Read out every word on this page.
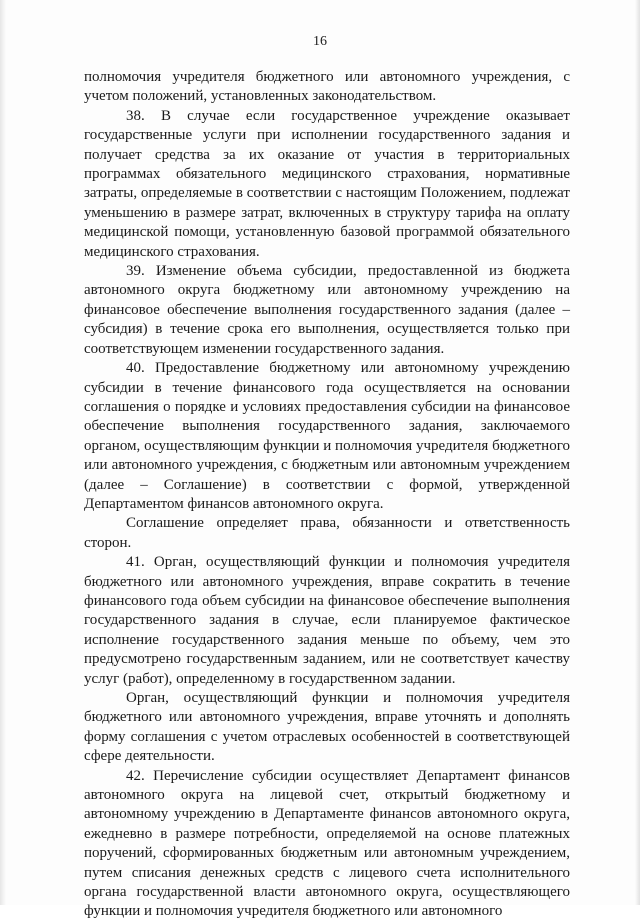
16

полномочия учредителя бюджетного или автономного учреждения, с учетом положений, установленных законодательством.

38. В случае если государственное учреждение оказывает государственные услуги при исполнении государственного задания и получает средства за их оказание от участия в территориальных программах обязательного медицинского страхования, нормативные затраты, определяемые в соответствии с настоящим Положением, подлежат уменьшению в размере затрат, включенных в структуру тарифа на оплату медицинской помощи, установленную базовой программой обязательного медицинского страхования.

39. Изменение объема субсидии, предоставленной из бюджета автономного округа бюджетному или автономному учреждению на финансовое обеспечение выполнения государственного задания (далее – субсидия) в течение срока его выполнения, осуществляется только при соответствующем изменении государственного задания.

40. Предоставление бюджетному или автономному учреждению субсидии в течение финансового года осуществляется на основании соглашения о порядке и условиях предоставления субсидии на финансовое обеспечение выполнения государственного задания, заключаемого органом, осуществляющим функции и полномочия учредителя бюджетного или автономного учреждения, с бюджетным или автономным учреждением (далее – Соглашение) в соответствии с формой, утвержденной Департаментом финансов автономного округа.

Соглашение определяет права, обязанности и ответственность сторон.

41. Орган, осуществляющий функции и полномочия учредителя бюджетного или автономного учреждения, вправе сократить в течение финансового года объем субсидии на финансовое обеспечение выполнения государственного задания в случае, если планируемое фактическое исполнение государственного задания меньше по объему, чем это предусмотрено государственным заданием, или не соответствует качеству услуг (работ), определенному в государственном задании.

Орган, осуществляющий функции и полномочия учредителя бюджетного или автономного учреждения, вправе уточнять и дополнять форму соглашения с учетом отраслевых особенностей в соответствующей сфере деятельности.

42. Перечисление субсидии осуществляет Департамент финансов автономного округа на лицевой счет, открытый бюджетному и автономному учреждению в Департаменте финансов автономного округа, ежедневно в размере потребности, определяемой на основе платежных поручений, сформированных бюджетным или автономным учреждением, путем списания денежных средств с лицевого счета исполнительного органа государственной власти автономного округа, осуществляющего функции и полномочия учредителя бюджетного или автономного
